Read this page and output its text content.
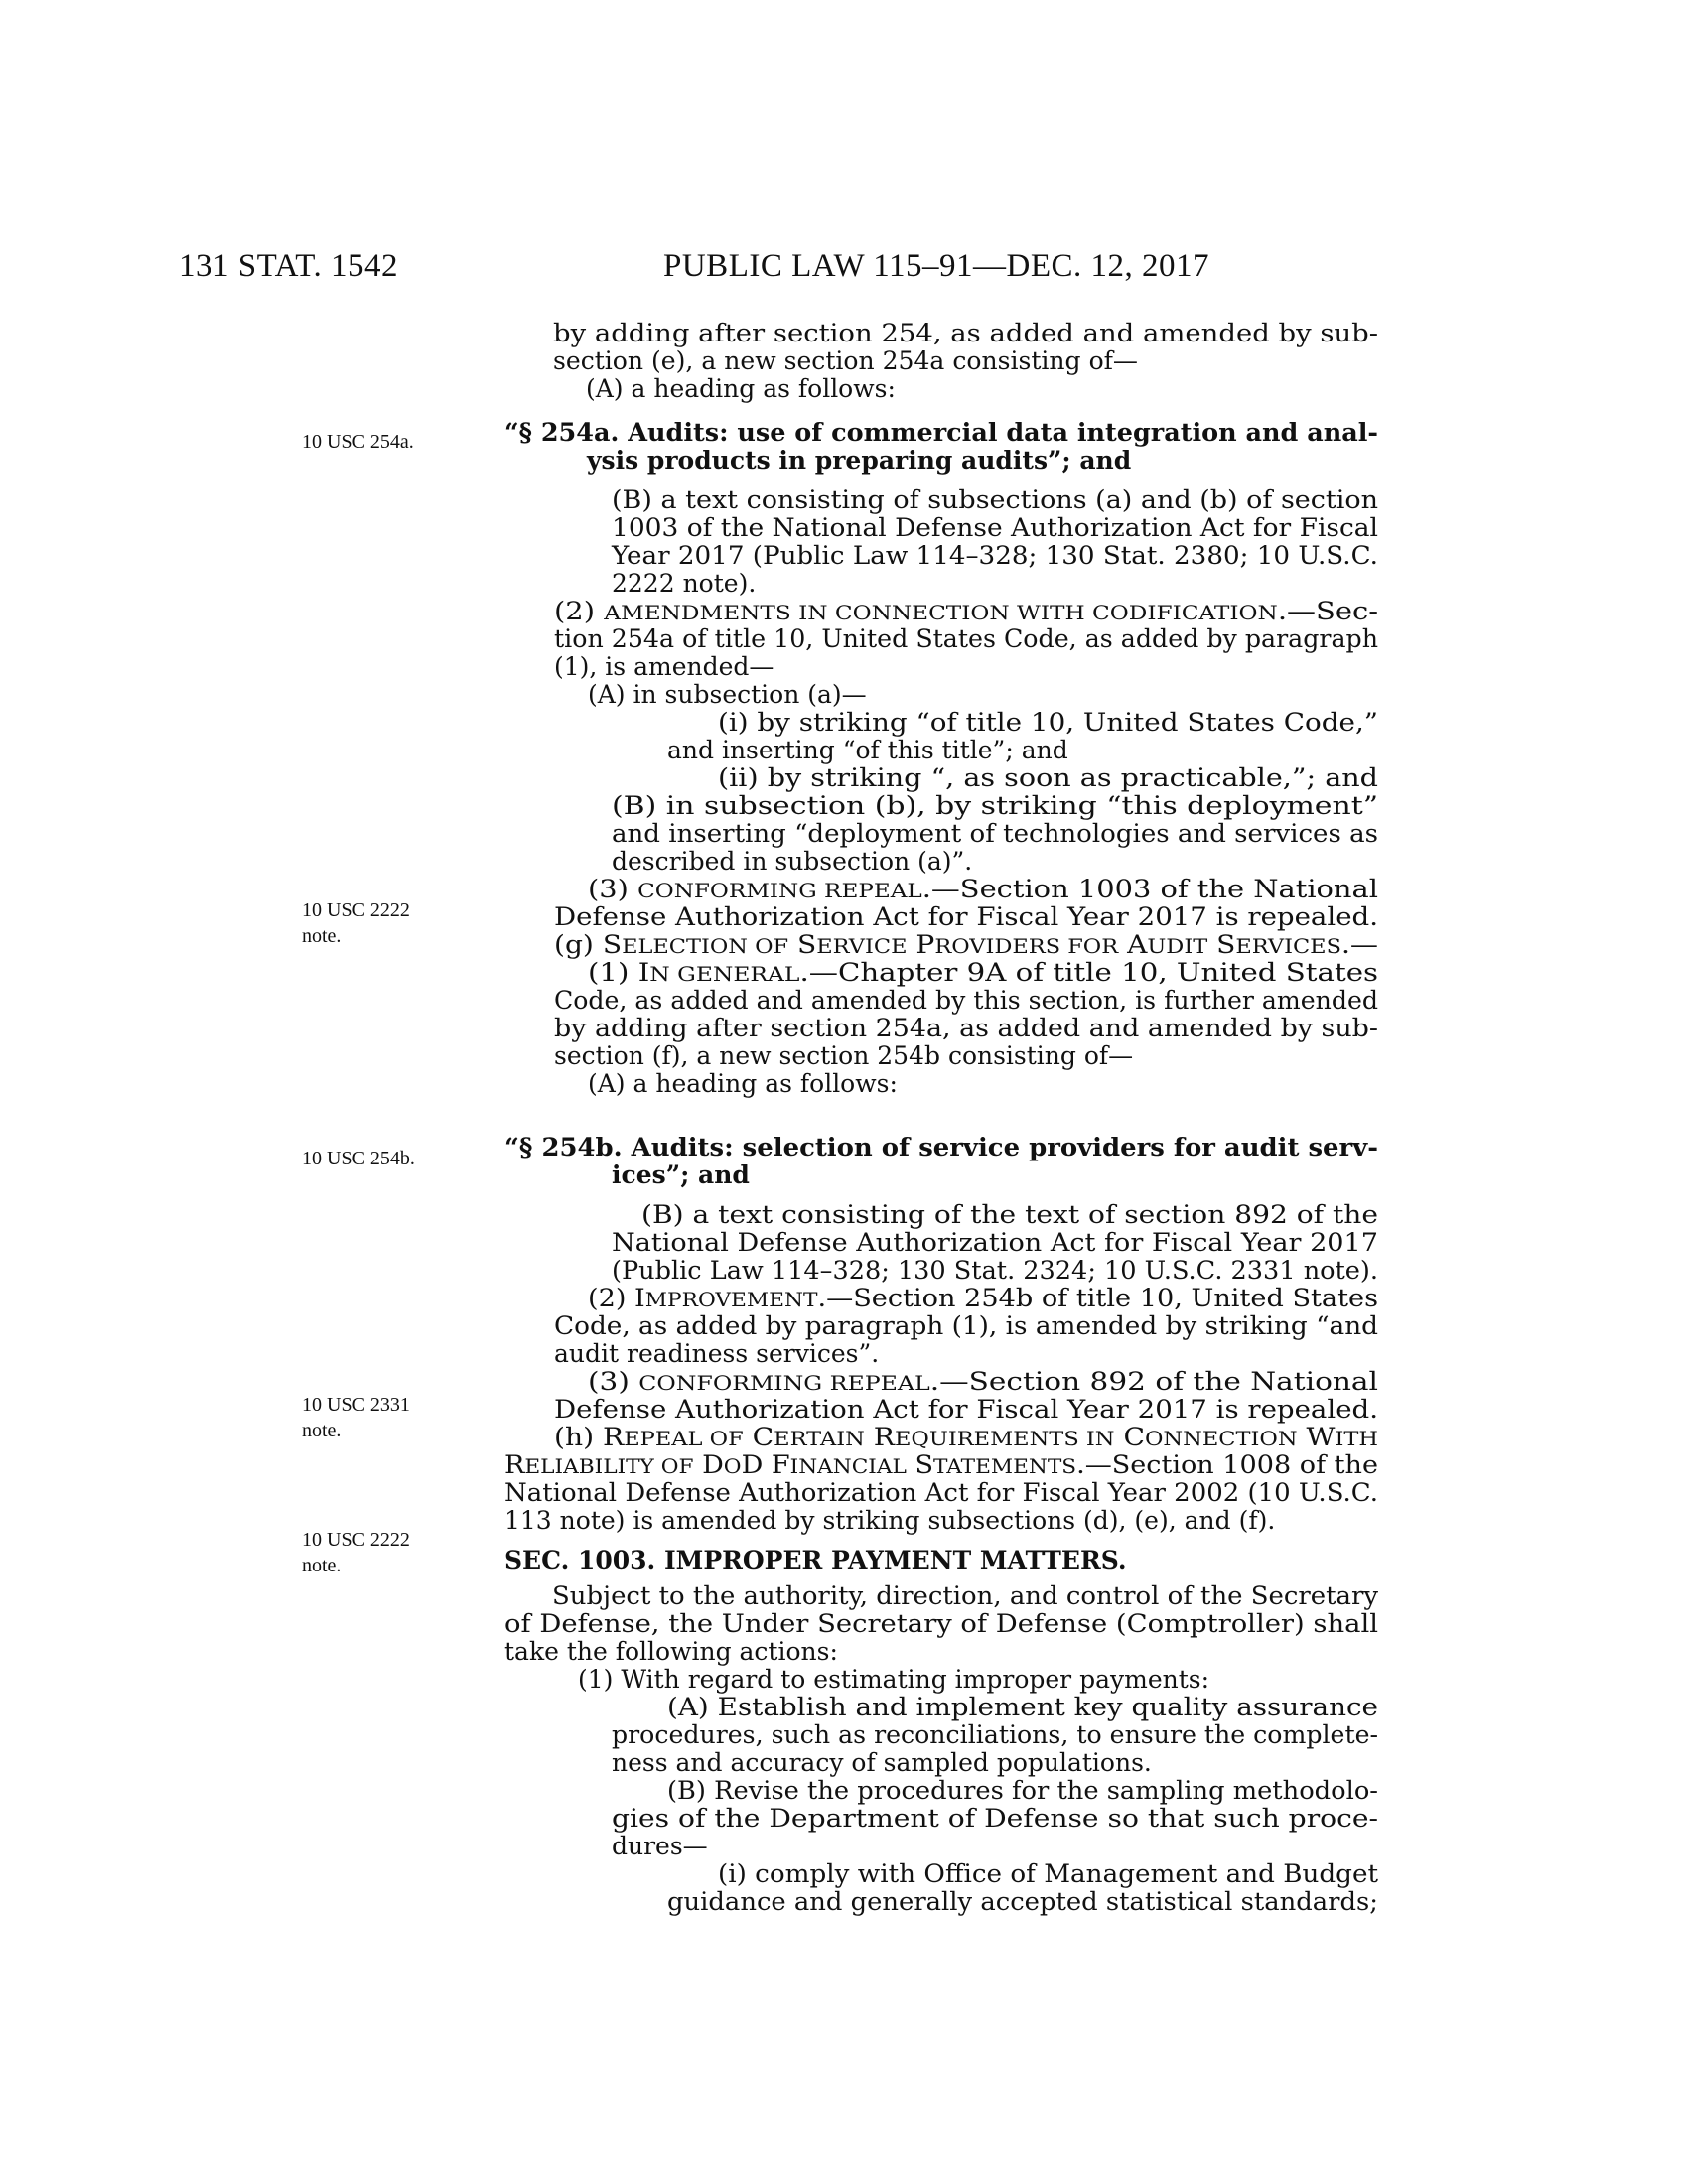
131 STAT. 1542	PUBLIC LAW 115–91—DEC. 12, 2017
10 USC 254a.
10 USC 2222
note.
10 USC 254b.
10 USC 2331
note.
10 USC 2222
note.
by adding after section 254, as added and amended by sub-
section (e), a new section 254a consisting of—
(A) a heading as follows:
“§ 254a. Audits: use of commercial data integration and anal-
ysis products in preparing audits”; and
(B) a text consisting of subsections (a) and (b) of section
1003 of the National Defense Authorization Act for Fiscal
Year 2017 (Public Law 114–328; 130 Stat. 2380; 10 U.S.C.
2222 note).
(2) AMENDMENTS IN CONNECTION WITH CODIFICATION.—Sec-
tion 254a of title 10, United States Code, as added by paragraph
(1), is amended—
(A) in subsection (a)—
(i) by striking “of title 10, United States Code,”
and inserting “of this title”; and
(ii) by striking “, as soon as practicable,”; and
(B) in subsection (b), by striking “this deployment”
and inserting “deployment of technologies and services as
described in subsection (a)”.
(3) CONFORMING REPEAL.—Section 1003 of the National
Defense Authorization Act for Fiscal Year 2017 is repealed.
(g) SELECTION OF SERVICE PROVIDERS FOR AUDIT SERVICES.—
(1) IN GENERAL.—Chapter 9A of title 10, United States
Code, as added and amended by this section, is further amended
by adding after section 254a, as added and amended by sub-
section (f), a new section 254b consisting of—
(A) a heading as follows:
“§ 254b. Audits: selection of service providers for audit serv-
ices”; and
(B) a text consisting of the text of section 892 of the
National Defense Authorization Act for Fiscal Year 2017
(Public Law 114–328; 130 Stat. 2324; 10 U.S.C. 2331 note).
(2) IMPROVEMENT.—Section 254b of title 10, United States
Code, as added by paragraph (1), is amended by striking “and
audit readiness services”.
(3) CONFORMING REPEAL.—Section 892 of the National
Defense Authorization Act for Fiscal Year 2017 is repealed.
(h) REPEAL OF CERTAIN REQUIREMENTS IN CONNECTION WITH
RELIABILITY OF DOD FINANCIAL STATEMENTS.—Section 1008 of the
National Defense Authorization Act for Fiscal Year 2002 (10 U.S.C.
113 note) is amended by striking subsections (d), (e), and (f).
SEC. 1003. IMPROPER PAYMENT MATTERS.
Subject to the authority, direction, and control of the Secretary
of Defense, the Under Secretary of Defense (Comptroller) shall
take the following actions:
(1) With regard to estimating improper payments:
(A) Establish and implement key quality assurance
procedures, such as reconciliations, to ensure the complete-
ness and accuracy of sampled populations.
(B) Revise the procedures for the sampling methodolo-
gies of the Department of Defense so that such proce-
dures—
(i) comply with Office of Management and Budget
guidance and generally accepted statistical standards;
